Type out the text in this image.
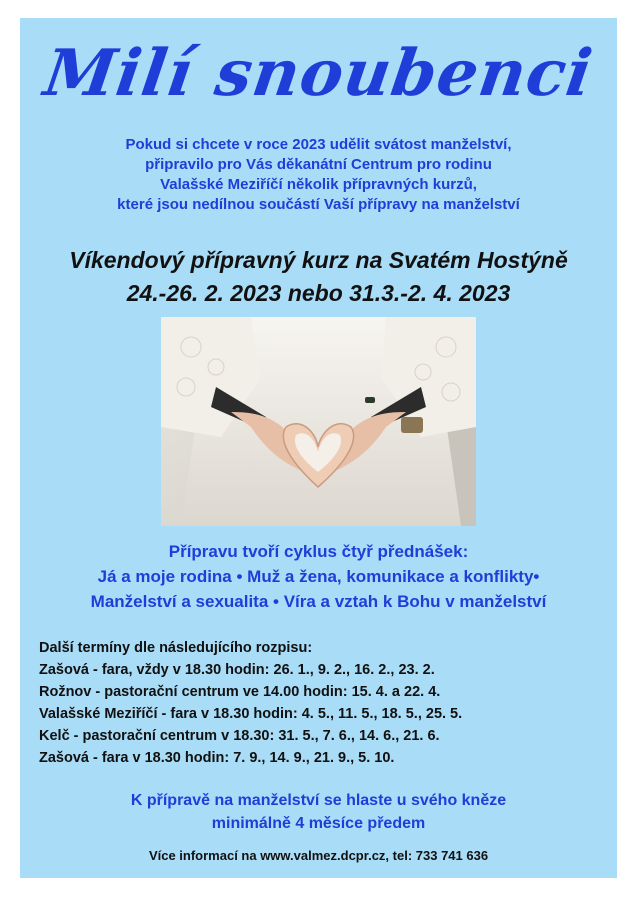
Milí snoubenci
Pokud si chcete v roce 2023 udělit svátost manželství,
připravilo pro Vás děkanátní Centrum pro rodinu
Valašské Meziříčí několik přípravných kurzů,
které jsou nedílnou součástí Vaší přípravy na manželství
Víkendový přípravný kurz na Svatém Hostýně
24.-26. 2. 2023 nebo 31.3.-2. 4. 2023
Přípravu tvoří cyklus čtyř přednášek:
Já a moje rodina • Muž a žena, komunikace a konflikty•
Manželství a sexualita • Víra a vztah k Bohu v manželství
Další termíny dle následujícího rozpisu:
Zašová - fara, vždy v 18.30 hodin: 26. 1., 9. 2., 16. 2., 23. 2.
Rožnov - pastorační centrum ve 14.00 hodin: 15. 4. a 22. 4.
Valašské Meziříčí - fara v 18.30 hodin: 4. 5., 11. 5., 18. 5., 25. 5.
Kelč - pastorační centrum v 18.30: 31. 5., 7. 6., 14. 6., 21. 6.
Zašová - fara v 18.30 hodin: 7. 9., 14. 9., 21. 9., 5. 10.
K přípravě na manželství se hlaste u svého kněze
minimálně 4 měsíce předem
Více informací na www.valmez.dcpr.cz, tel: 733 741 636
